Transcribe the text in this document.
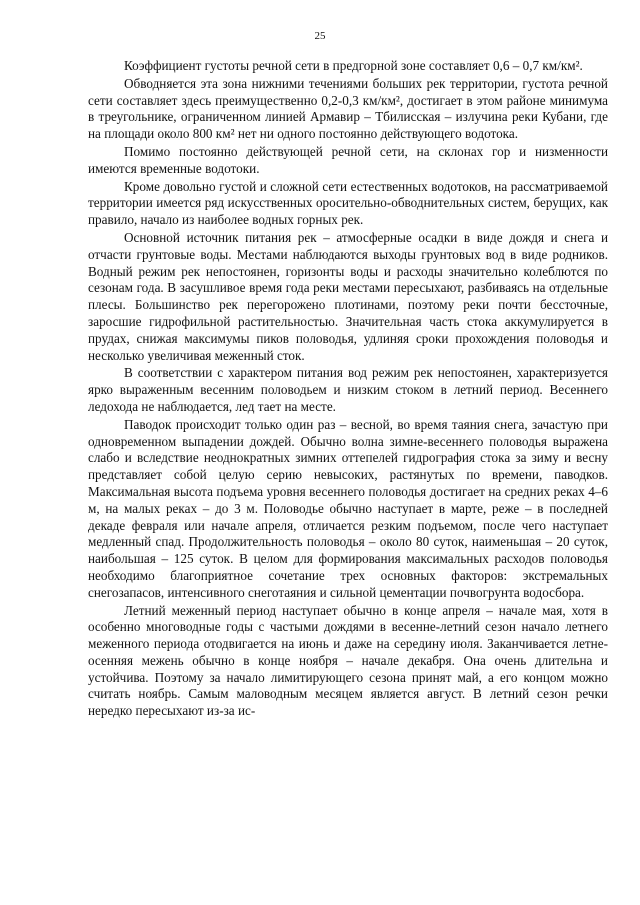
25

Коэффициент густоты речной сети в предгорной зоне составляет 0,6 – 0,7 км/км².

Обводняется эта зона нижними течениями больших рек территории, густота речной сети составляет здесь преимущественно 0,2-0,3 км/км², достигает в этом районе минимума в треугольнике, ограниченном линией Армавир – Тбилисская – излучина реки Кубани, где на площади около 800 км² нет ни одного постоянно действующего водотока.

Помимо постоянно действующей речной сети, на склонах гор и низменности имеются временные водотоки.

Кроме довольно густой и сложной сети естественных водотоков, на рассматриваемой территории имеется ряд искусственных оросительно-обводнительных систем, берущих, как правило, начало из наиболее водных горных рек.

Основной источник питания рек – атмосферные осадки в виде дождя и снега и отчасти грунтовые воды. Местами наблюдаются выходы грунтовых вод в виде родников. Водный режим рек непостоянен, горизонты воды и расходы значительно колеблются по сезонам года. В засушливое время года реки местами пересыхают, разбиваясь на отдельные плесы. Большинство рек перегорожено плотинами, поэтому реки почти бессточные, заросшие гидрофильной растительностью. Значительная часть стока аккумулируется в прудах, снижая максимумы пиков половодья, удлиняя сроки прохождения половодья и несколько увеличивая меженный сток.

В соответствии с характером питания вод режим рек непостоянен, характеризуется ярко выраженным весенним половодьем и низким стоком в летний период. Весеннего ледохода не наблюдается, лед тает на месте.

Паводок происходит только один раз – весной, во время таяния снега, зачастую при одновременном выпадении дождей. Обычно волна зимне-весеннего половодья выражена слабо и вследствие неоднократных зимних оттепелей гидрография стока за зиму и весну представляет собой целую серию невысоких, растянутых по времени, паводков. Максимальная высота подъема уровня весеннего половодья достигает на средних реках 4–6 м, на малых реках – до 3 м. Половодье обычно наступает в марте, реже – в последней декаде февраля или начале апреля, отличается резким подъемом, после чего наступает медленный спад. Продолжительность половодья – около 80 суток, наименьшая – 20 суток, наибольшая – 125 суток. В целом для формирования максимальных расходов половодья необходимо благоприятное сочетание трех основных факторов: экстремальных снегозапасов, интенсивного снеготаяния и сильной цементации почвогрунта водосбора.

Летний меженный период наступает обычно в конце апреля – начале мая, хотя в особенно многоводные годы с частыми дождями в весенне-летний сезон начало летнего меженного периода отодвигается на июнь и даже на середину июля. Заканчивается летне-осенняя межень обычно в конце ноября – начале декабря. Она очень длительна и устойчива. Поэтому за начало лимитирующего сезона принят май, а его концом можно считать ноябрь. Самым маловодным месяцем является август. В летний сезон речки нередко пересыхают из-за ис-
